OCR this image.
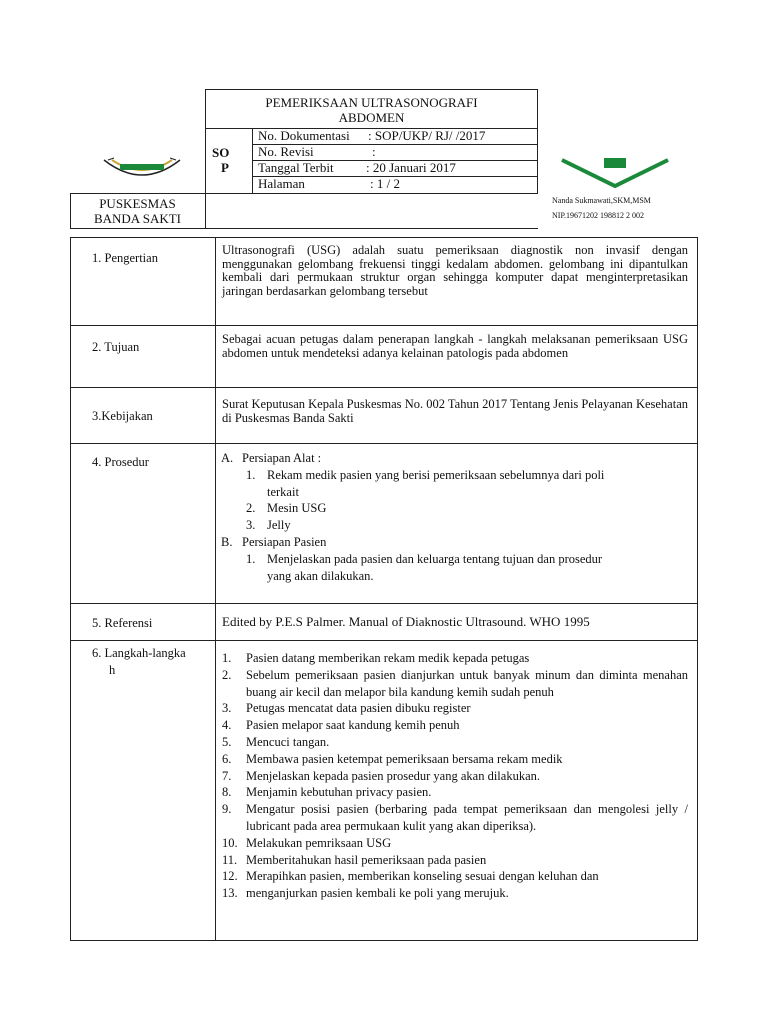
PEMERIKSAAN ULTRASONOGRAFI
ABDOMEN
SO
P
No. Dokumentasi : SOP/UKP/ RJ/ /2017
No. Revisi	:
Tanggal Terbit : 20 Januari 2017
Halaman	: 1 / 2
PUSKESMAS
BANDA SAKTI
Nanda Sukmawati,SKM,MSM
NIP.19671202 198812 2 002
1. Pengertian
Ultrasonografi (USG) adalah suatu pemeriksaan diagnostik non invasif dengan menggunakan gelombang frekuensi tinggi kedalam abdomen. gelombang ini dipantulkan kembali dari permukaan struktur organ sehingga komputer dapat menginterpretasikan jaringan berdasarkan gelombang tersebut
2. Tujuan
Sebagai acuan petugas dalam penerapan langkah - langkah melaksanan pemeriksaan USG abdomen untuk mendeteksi adanya kelainan patologis pada abdomen
3.Kebijakan
Surat Keputusan Kepala Puskesmas No. 002 Tahun 2017 Tentang Jenis Pelayanan Kesehatan di Puskesmas Banda Sakti
4. Prosedur	A. Persiapan Alat :
1. Rekam medik pasien yang berisi pemeriksaan sebelumnya dari poli
terkait
2. Mesin USG
3. Jelly
B. Persiapan Pasien
1. Menjelaskan pada pasien dan keluarga tentang tujuan dan prosedur
yang akan dilakukan.
5. Referensi	Edited by P.E.S Palmer. Manual of Diaknostic Ultrasound. WHO 1995
6. Langkah-langka
h
1. Pasien datang memberikan rekam medik kepada petugas
2. Sebelum pemeriksaan pasien dianjurkan untuk banyak minum dan diminta menahan buang air kecil dan melapor bila kandung kemih sudah penuh
3. Petugas mencatat data pasien dibuku register
4. Pasien melapor saat kandung kemih penuh
5. Mencuci tangan.
6. Membawa pasien ketempat pemeriksaan bersama rekam medik
7. Menjelaskan kepada pasien prosedur yang akan dilakukan.
8. Menjamin kebutuhan privacy pasien.
9. Mengatur posisi pasien (berbaring pada tempat pemeriksaan dan mengolesi jelly / lubricant pada area permukaan kulit yang akan diperiksa).
10. Melakukan pemriksaan USG
11. Memberitahukan hasil pemeriksaan pada pasien
12. Merapihkan pasien, memberikan konseling sesuai dengan keluhan dan
13. menganjurkan pasien kembali ke poli yang merujuk.
